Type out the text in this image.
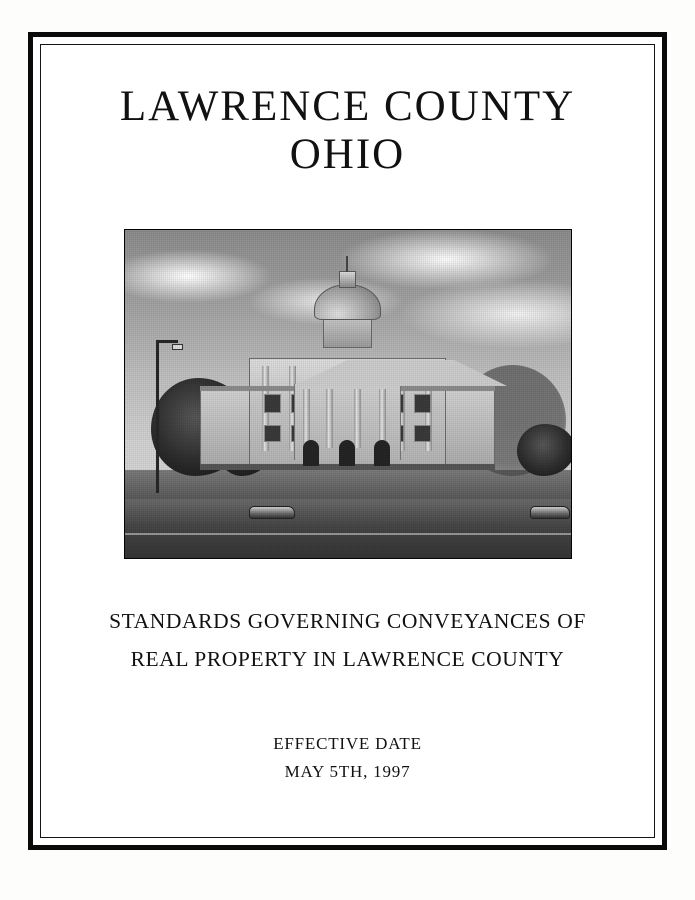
LAWRENCE COUNTY
OHIO
STANDARDS GOVERNING CONVEYANCES OF
REAL PROPERTY IN LAWRENCE COUNTY
EFFECTIVE DATE
MAY 5TH, 1997
